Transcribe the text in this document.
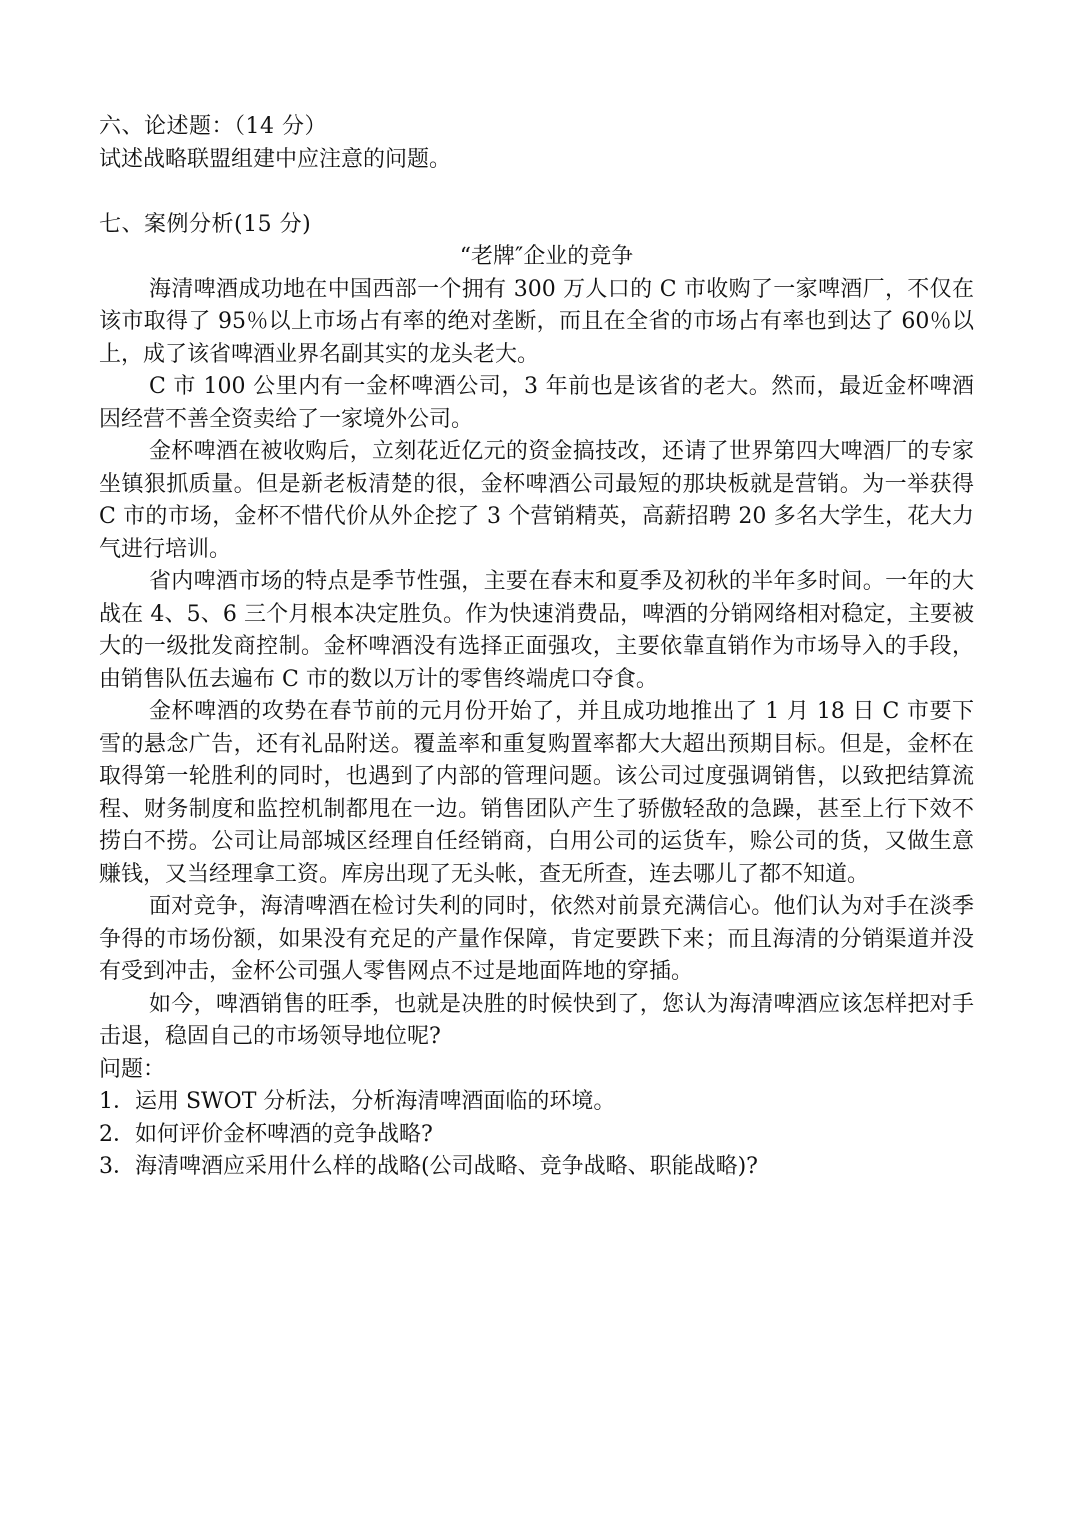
六、论述题：（14 分）
试述战略联盟组建中应注意的问题。
七、案例分析(15 分)
“老牌″企业的竞争

海清啤酒成功地在中国西部一个拥有 300 万人口的 C 市收购了一家啤酒厂，不仅在该市取得了 95％以上市场占有率的绝对垄断，而且在全省的市场占有率也到达了 60％以上，成了该省啤酒业界名副其实的龙头老大。

C 市 100 公里内有一金杯啤酒公司，3 年前也是该省的老大。然而，最近金杯啤酒因经营不善全资卖给了一家境外公司。

金杯啤酒在被收购后，立刻花近亿元的资金搞技改，还请了世界第四大啤酒厂的专家坐镇狠抓质量。但是新老板清楚的很，金杯啤酒公司最短的那块板就是营销。为一举获得 C 市的市场，金杯不惜代价从外企挖了 3 个营销精英，高薪招聘 20 多名大学生，花大力气进行培训。

省内啤酒市场的特点是季节性强，主要在春末和夏季及初秋的半年多时间。一年的大战在 4、5、6 三个月根本决定胜负。作为快速消费品，啤酒的分销网络相对稳定，主要被大的一级批发商控制。金杯啤酒没有选择正面强攻，主要依靠直销作为市场导入的手段，由销售队伍去遍布 C 市的数以万计的零售终端虎口夺食。

金杯啤酒的攻势在春节前的元月份开始了，并且成功地推出了 1 月 18 日 C 市要下雪的悬念广告，还有礼品附送。覆盖率和重复购置率都大大超出预期目标。但是，金杯在取得第一轮胜利的同时，也遇到了内部的管理问题。该公司过度强调销售，以致把结算流程、财务制度和监控机制都甩在一边。销售团队产生了骄傲轻敌的急躁，甚至上行下效不捞白不捞。公司让局部城区经理自任经销商，白用公司的运货车，赊公司的货，又做生意赚钱，又当经理拿工资。库房出现了无头帐，查无所查，连去哪儿了都不知道。

面对竞争，海清啤酒在检讨失利的同时，依然对前景充满信心。他们认为对手在淡季争得的市场份额，如果没有充足的产量作保障，肯定要跌下来；而且海清的分销渠道并没有受到冲击，金杯公司强人零售网点不过是地面阵地的穿插。

如今，啤酒销售的旺季，也就是决胜的时候快到了，您认为海清啤酒应该怎样把对手击退，稳固自己的市场领导地位呢?

问题：
1．运用 SWOT 分析法，分析海清啤酒面临的环境。
2．如何评价金杯啤酒的竞争战略?
3．海清啤酒应采用什么样的战略(公司战略、竞争战略、职能战略)?
